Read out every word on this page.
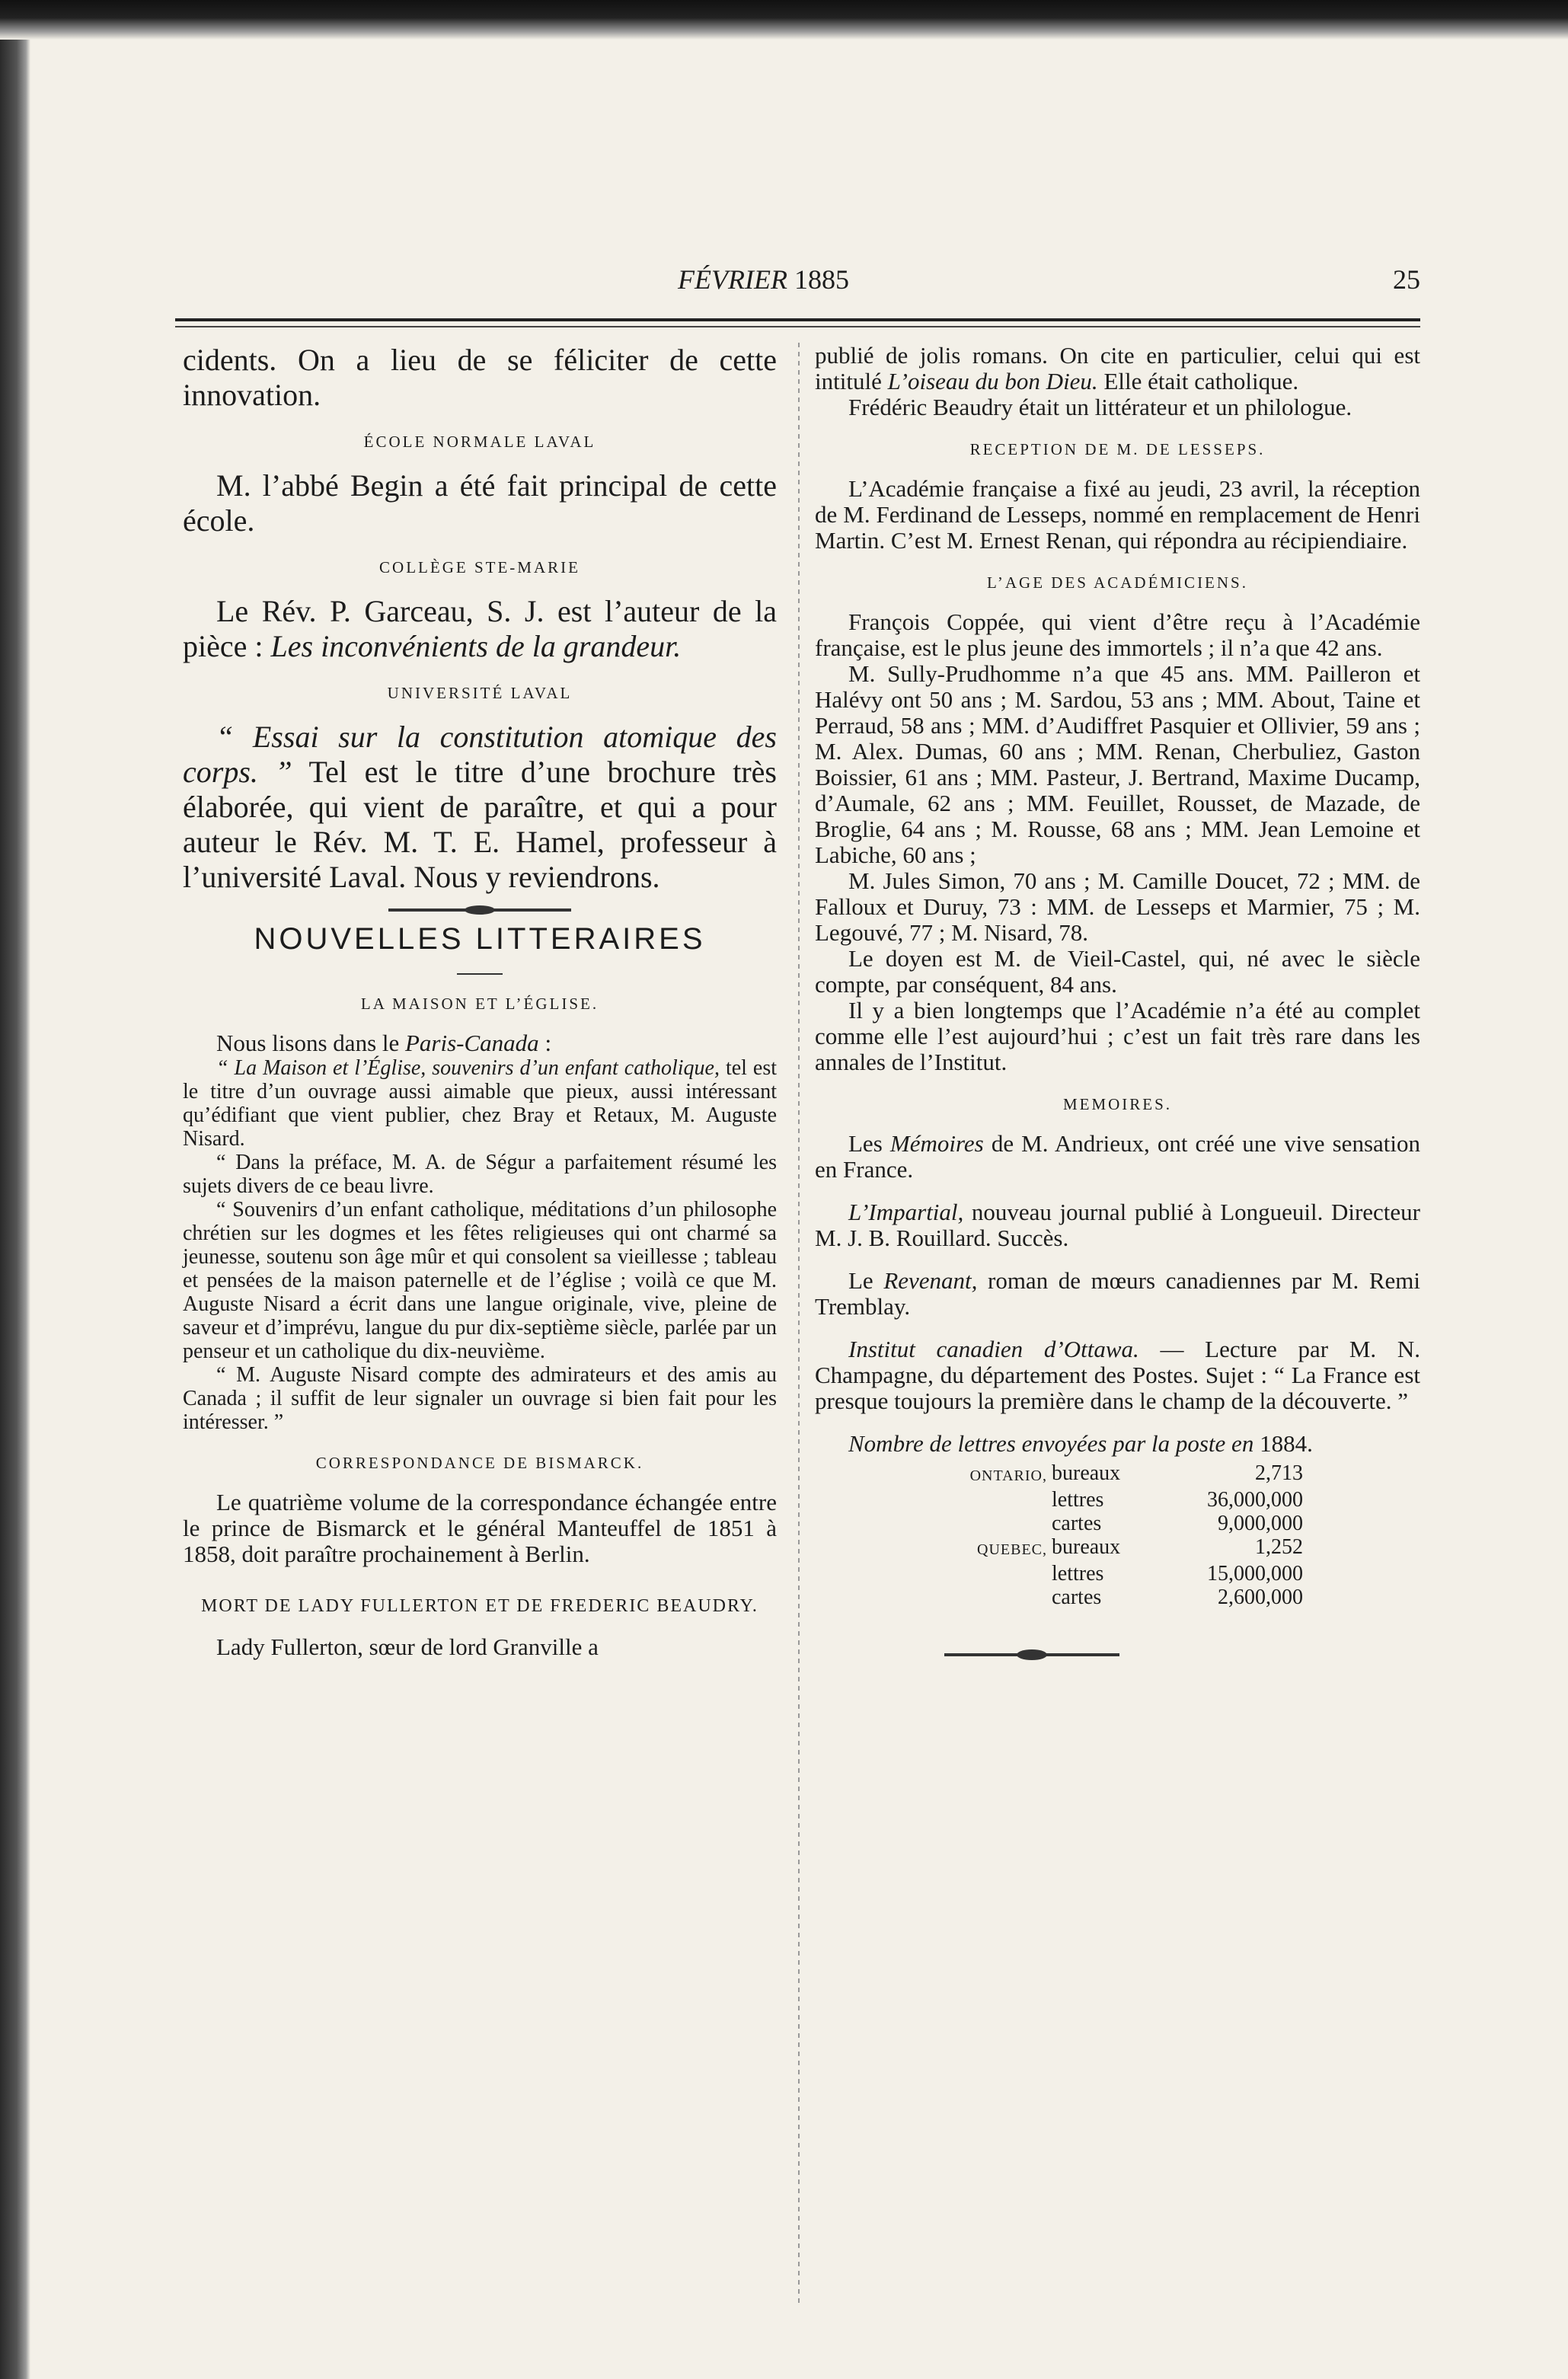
FÉVRIER 1885	25

cidents. On a lieu de se féliciter de cette innovation.

ÉCOLE NORMALE LAVAL

M. l’abbé Begin a été fait principal de cette école.

COLLÈGE STE-MARIE

Le Rév. P. Garceau, S. J. est l’auteur de la pièce : Les inconvénients de la grandeur.

UNIVERSITÉ LAVAL

“ Essai sur la constitution atomique des corps. ” Tel est le titre d’une brochure très élaborée, qui vient de paraître, et qui a pour auteur le Rév. M. T. E. Hamel, professeur à l’université Laval. Nous y reviendrons.

NOUVELLES LITTERAIRES
LA MAISON ET L’ÉGLISE.

Nous lisons dans le Paris-Canada :

“ La Maison et l’Église, souvenirs d’un enfant catholique, tel est le titre d’un ouvrage aussi aimable que pieux, aussi intéressant qu’édifiant que vient publier, chez Bray et Retaux, M. Auguste Nisard.

“ Dans la préface, M. A. de Ségur a parfaitement résumé les sujets divers de ce beau livre.

“ Souvenirs d’un enfant catholique, méditations d’un philosophe chrétien sur les dogmes et les fêtes religieuses qui ont charmé sa jeunesse, soutenu son âge mûr et qui consolent sa vieillesse ; tableau et pensées de la maison paternelle et de l’église ; voilà ce que M. Auguste Nisard a écrit dans une langue originale, vive, pleine de saveur et d’imprévu, langue du pur dix-septième siècle, parlée par un penseur et un catholique du dix-neuvième.

“ M. Auguste Nisard compte des admirateurs et des amis au Canada ; il suffit de leur signaler un ouvrage si bien fait pour les intéresser. ”

CORRESPONDANCE DE BISMARCK.

Le quatrième volume de la correspondance échangée entre le prince de Bismarck et le général Manteuffel de 1851 à 1858, doit paraître prochainement à Berlin.

MORT DE LADY FULLERTON ET DE FREDERIC BEAUDRY.

Lady Fullerton, sœur de lord Granville a

publié de jolis romans. On cite en particulier, celui qui est intitulé L’oiseau du bon Dieu. Elle était catholique.

Frédéric Beaudry était un littérateur et un philologue.

RECEPTION DE M. DE LESSEPS.

L’Académie française a fixé au jeudi, 23 avril, la réception de M. Ferdinand de Lesseps, nommé en remplacement de Henri Martin. C’est M. Ernest Renan, qui répondra au récipiendiaire.

L’AGE DES ACADÉMICIENS.

François Coppée, qui vient d’être reçu à l’Académie française, est le plus jeune des immortels ; il n’a que 42 ans.

M. Sully-Prudhomme n’a que 45 ans. MM. Pailleron et Halévy ont 50 ans ; M. Sardou, 53 ans ; MM. About, Taine et Perraud, 58 ans ; MM. d’Audiffret Pasquier et Ollivier, 59 ans ; M. Alex. Dumas, 60 ans ; MM. Renan, Cherbuliez, Gaston Boissier, 61 ans ; MM. Pasteur, J. Bertrand, Maxime Ducamp, d’Aumale, 62 ans ; MM. Feuillet, Rousset, de Mazade, de Broglie, 64 ans ; M. Rousse, 68 ans ; MM. Jean Lemoine et Labiche, 60 ans ;

M. Jules Simon, 70 ans ; M. Camille Doucet, 72 ; MM. de Falloux et Duruy, 73 : MM. de Lesseps et Marmier, 75 ; M. Legouvé, 77 ; M. Nisard, 78.

Le doyen est M. de Vieil-Castel, qui, né avec le siècle compte, par conséquent, 84 ans.

Il y a bien longtemps que l’Académie n’a été au complet comme elle l’est aujourd’hui ; c’est un fait très rare dans les annales de l’Institut.

MEMOIRES.

Les Mémoires de M. Andrieux, ont créé une vive sensation en France.

L’Impartial, nouveau journal publié à Longueuil. Directeur M. J. B. Rouillard. Succès.

Le Revenant, roman de mœurs canadiennes par M. Remi Tremblay.

Institut canadien d’Ottawa. — Lecture par M. N. Champagne, du département des Postes. Sujet : “ La France est presque toujours la première dans le champ de la découverte. ”

Nombre de lettres envoyées par la poste en 1884.

ONTARIO, bureaux	2,713
lettres	36,000,000
cartes	9,000,000
QUEBEC, bureaux	1,252
lettres	15,000,000
cartes	2,600,000
